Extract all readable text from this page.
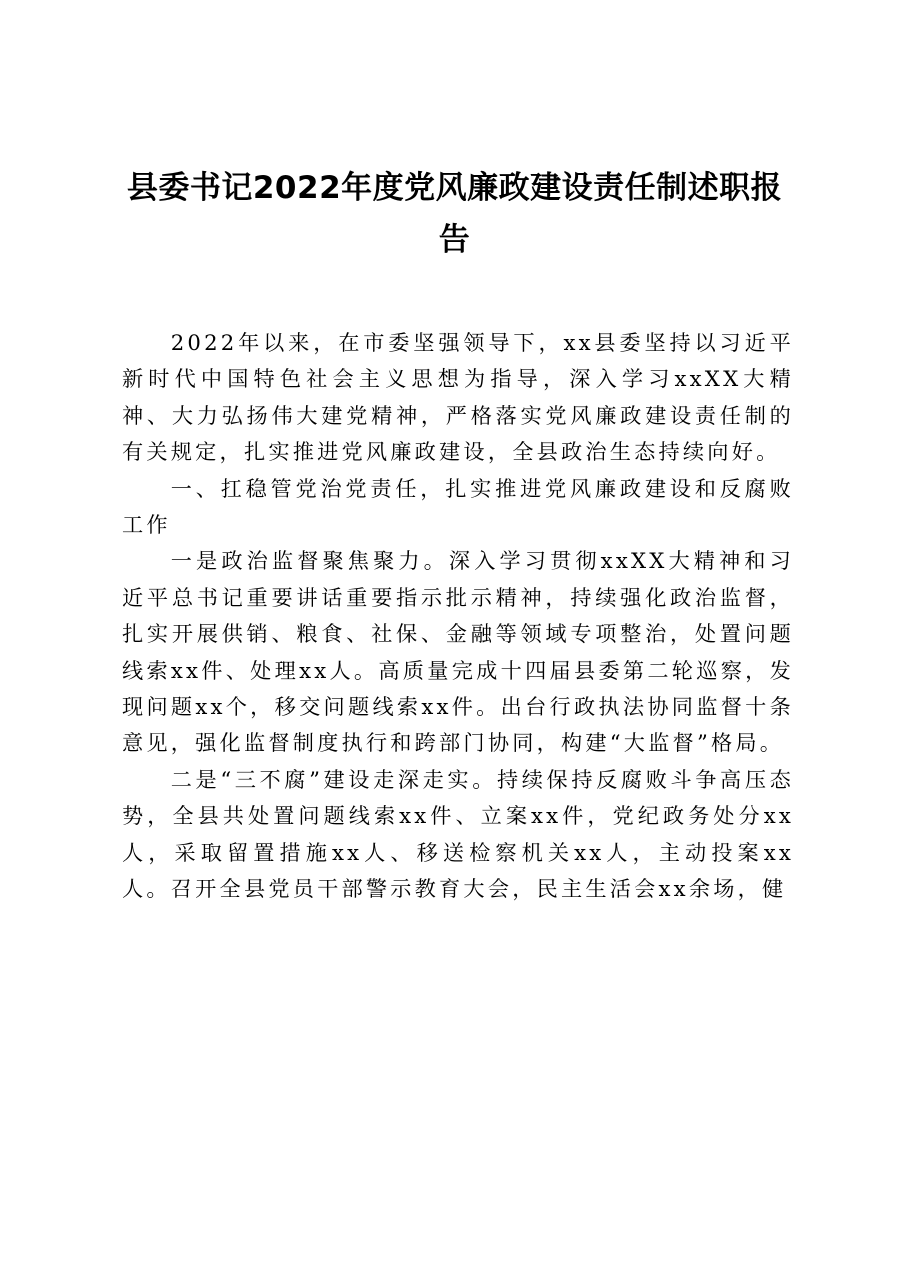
县委书记2022年度党风廉政建设责任制述职报告

2022年以来，在市委坚强领导下，xx县委坚持以习近平新时代中国特色社会主义思想为指导，深入学习xxXX大精神、大力弘扬伟大建党精神，严格落实党风廉政建设责任制的有关规定，扎实推进党风廉政建设，全县政治生态持续向好。

一、扛稳管党治党责任，扎实推进党风廉政建设和反腐败工作

一是政治监督聚焦聚力。深入学习贯彻xxXX大精神和习近平总书记重要讲话重要指示批示精神，持续强化政治监督，扎实开展供销、粮食、社保、金融等领域专项整治，处置问题线索xx件、处理xx人。高质量完成十四届县委第二轮巡察，发现问题xx个，移交问题线索xx件。出台行政执法协同监督十条意见，强化监督制度执行和跨部门协同，构建“大监督”格局。

二是“三不腐”建设走深走实。持续保持反腐败斗争高压态势，全县共处置问题线索xx件、立案xx件，党纪政务处分xx人，采取留置措施xx人、移送检察机关xx人，主动投案xx人。召开全县党员干部警示教育大会，民主生活会xx余场，健
